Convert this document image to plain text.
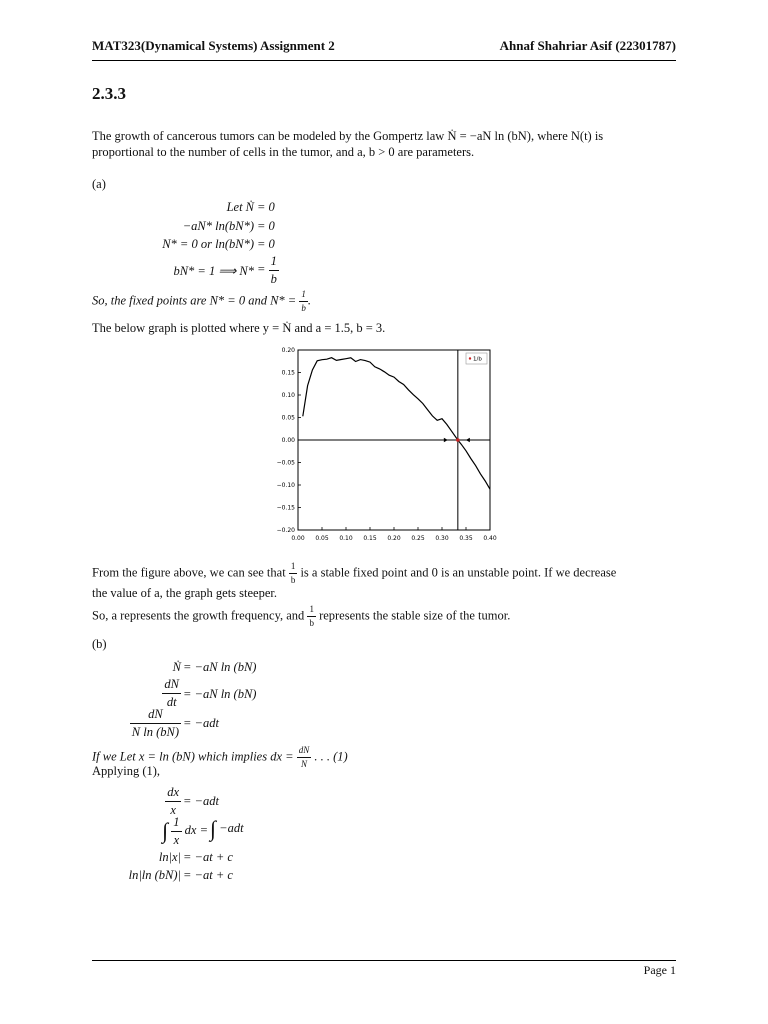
MAT323(Dynamical Systems) Assignment 2	Ahnaf Shahriar Asif (22301787)
2.3.3
The growth of cancerous tumors can be modeled by the Gompertz law Ṅ = −aN ln (bN), where N(t) is
proportional to the number of cells in the tumor, and a, b > 0 are parameters.
(a)
Let Ṅ = 0
−aN* ln(bN*) = 0
N* = 0 or ln(bN*) = 0
bN* = 1 ⟹ $N* = \frac{1}{b}$
So, the fixed points are N* = 0 and $N* = \frac{1}{b}$ .
The below graph is plotted where y = Ṅ and a = 1.5, b = 3.
0.00 0.05 0.10 0.15 0.20 0.25 0.30 0.35 0.40
0.20
0.15
0.10
0.05
0.00
−0.05
−0.10
−0.15
−0.20
1/b
From the figure above, we can see that $\frac{1}{b}$ is a stable fixed point and 0 is an unstable point. If we decrease
the value of a, the graph gets steeper.
So, a represents the growth frequency, and $\frac{1}{b}$ represents the stable size of the tumor.
(b)
Ṅ = −aN ln (bN)
$\frac{dN}{dt} = -aN$ ln (bN)
$\frac{dN}{\text{N ln (bN)}} = -adt$
If we Let x = ln (bN) which implies dx = $\frac{dN}{N}$ . . . (1)
Applying (1),
$\frac{dx}{x} = -adt$
∫ $\frac{1}{x}$ dx = ∫ −adt
ln|x| = −at + c
ln|ln (bN)| = −at + c
Page 1
